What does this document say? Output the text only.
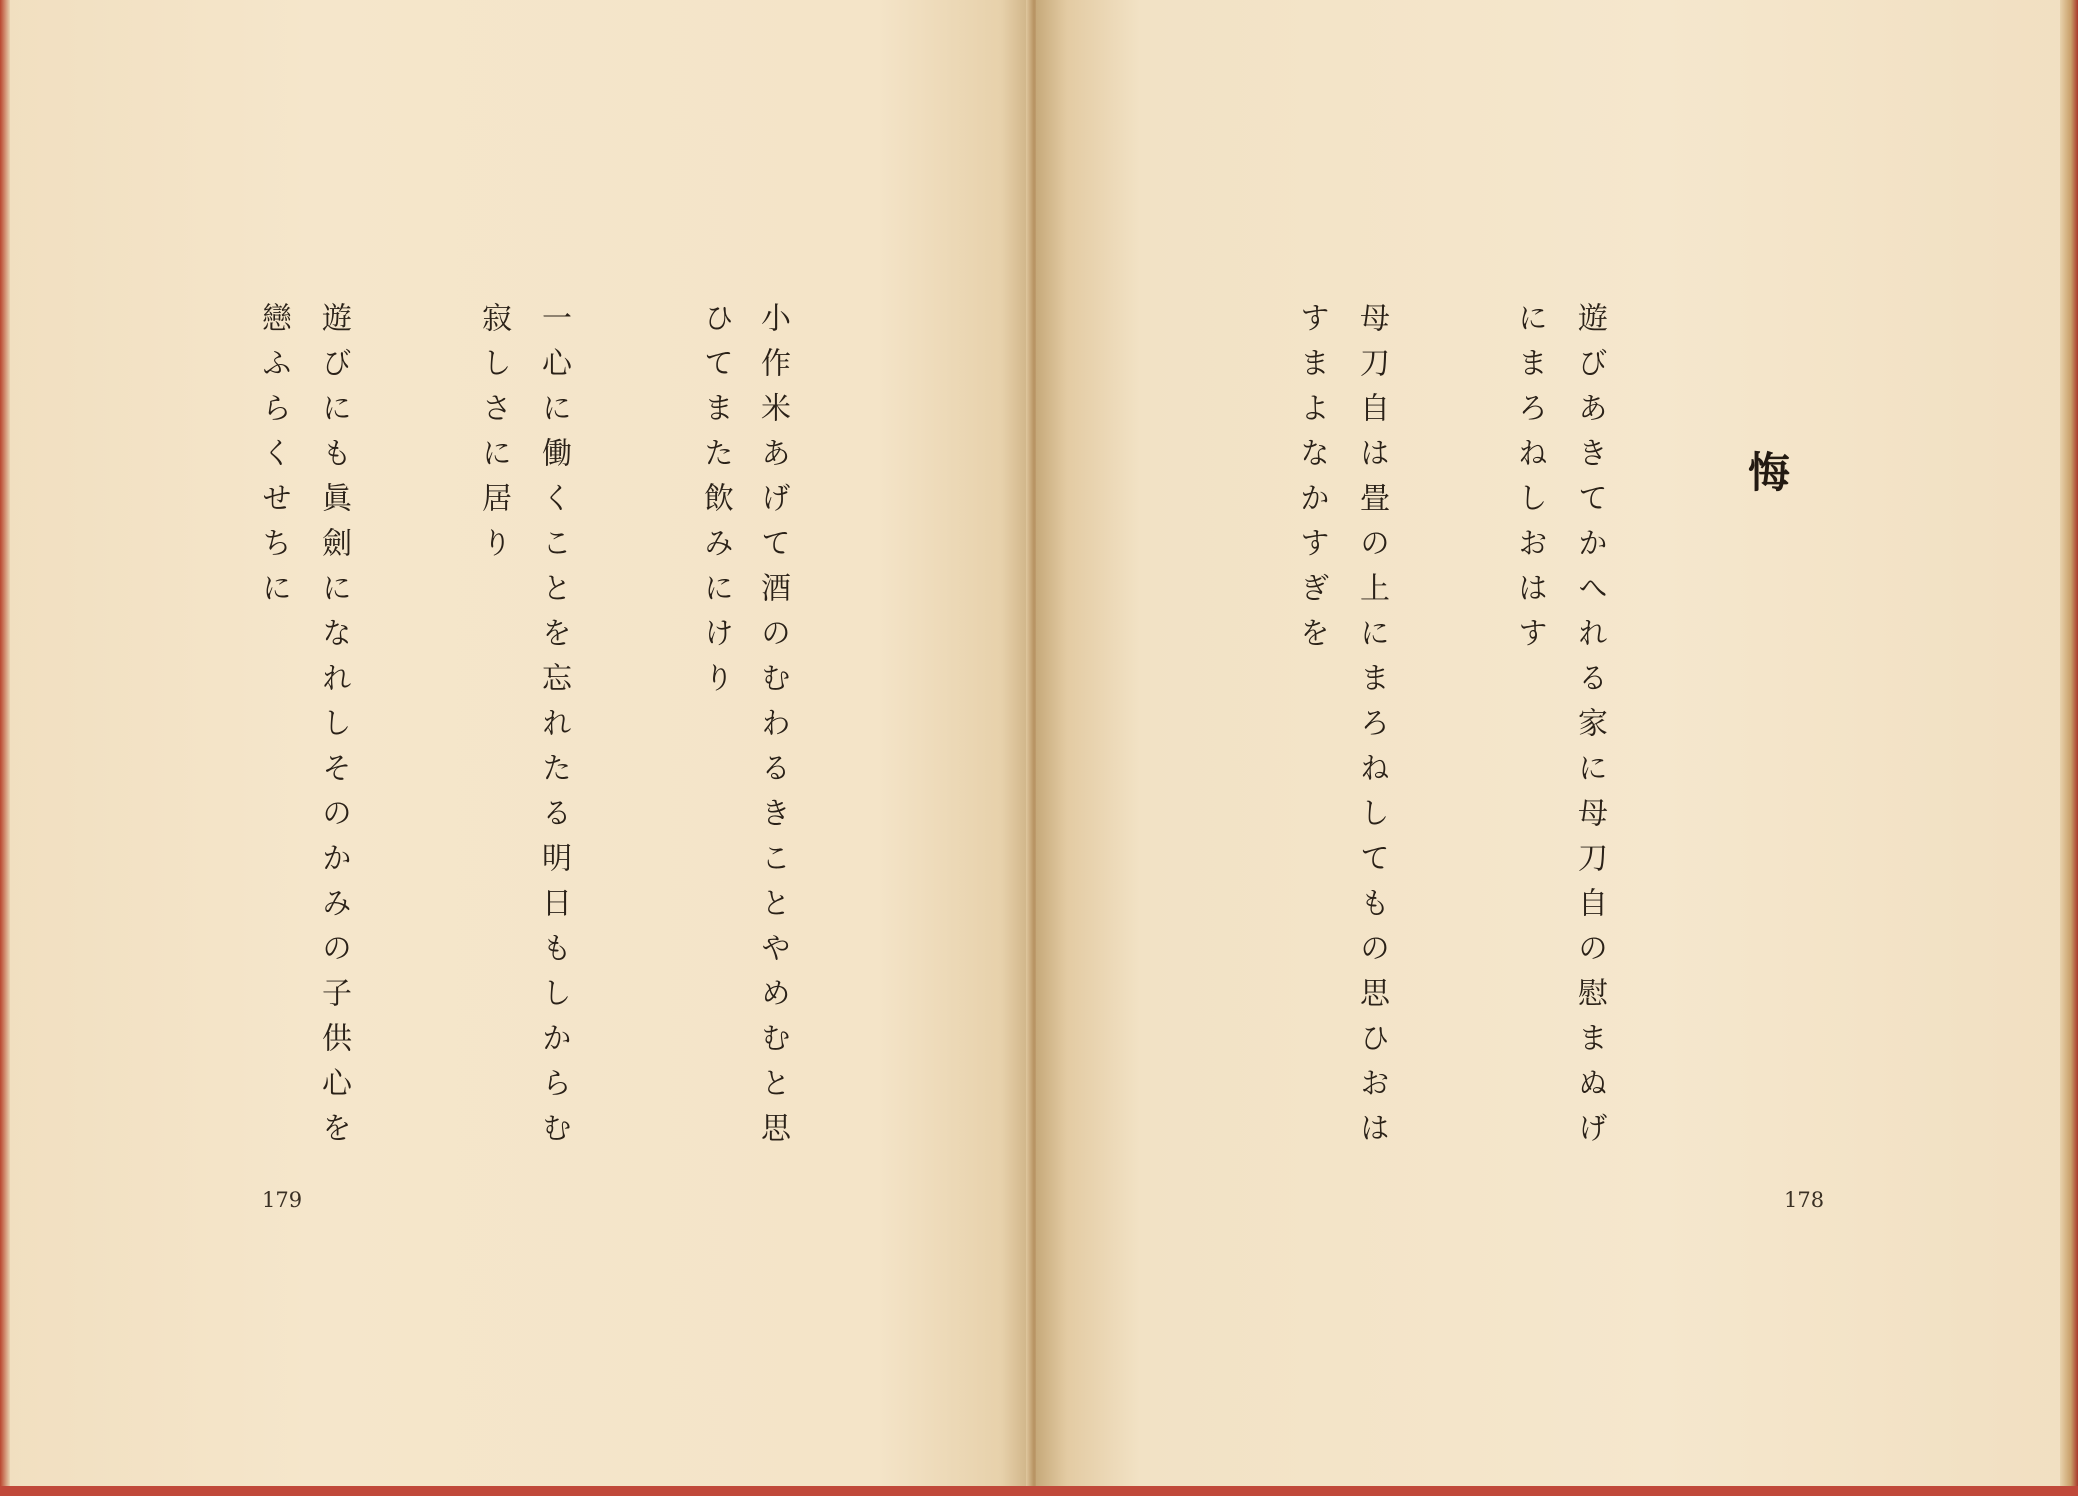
小作米あげて酒のむわるきことやめむと思
ひてまた飲みにけり
一心に働くことを忘れたる明日もしからむ
寂しさに居り
遊びにも眞劍になれしそのかみの子供心を
戀ふらくせちに
179
悔
遊びあきてかへれる家に母刀自の慰まぬげ
にまろねしおはす
母刀自は畳の上にまろねしてもの思ひおは
すまよなかすぎを
178
